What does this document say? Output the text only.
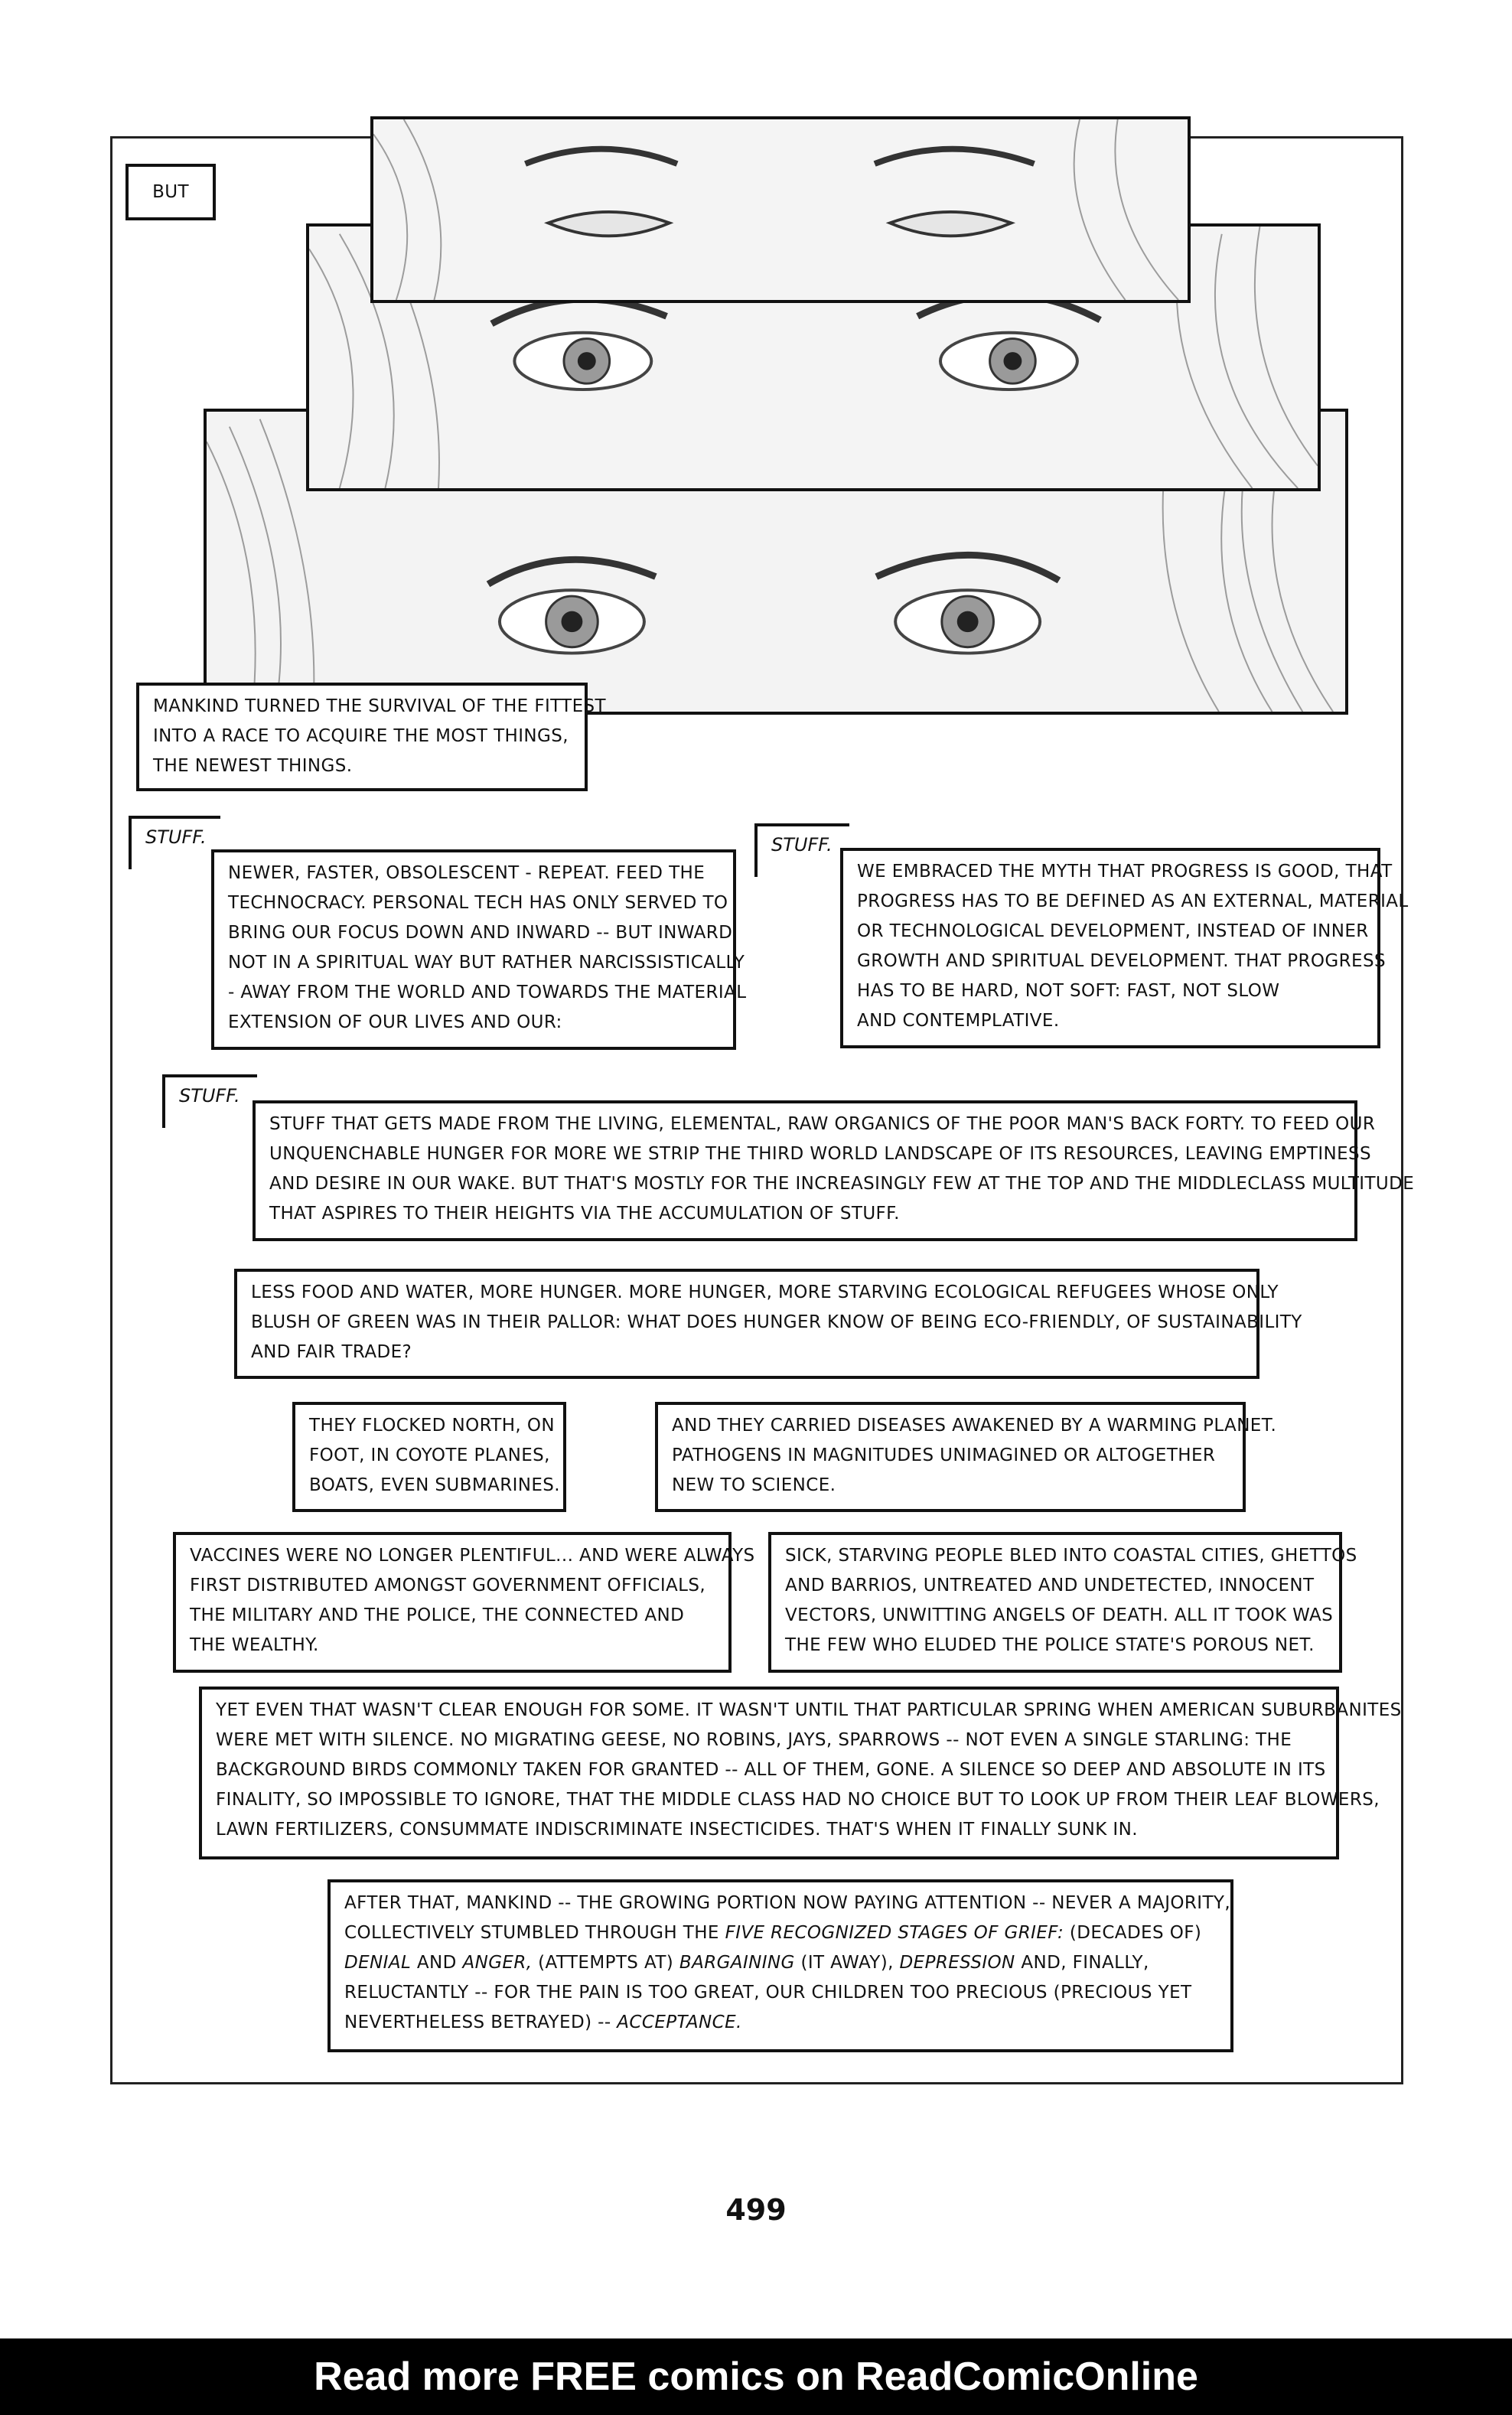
BUT

MANKIND TURNED THE SURVIVAL OF THE FITTEST

INTO A RACE TO ACQUIRE THE MOST THINGS,

THE NEWEST THINGS.

STUFF.

NEWER, FASTER, OBSOLESCENT - REPEAT. FEED THE

TECHNOCRACY. PERSONAL TECH HAS ONLY SERVED TO

BRING OUR FOCUS DOWN AND INWARD -- BUT INWARD

NOT IN A SPIRITUAL WAY BUT RATHER NARCISSISTICALLY

- AWAY FROM THE WORLD AND TOWARDS THE MATERIAL

EXTENSION OF OUR LIVES AND OUR:

STUFF.

WE EMBRACED THE MYTH THAT PROGRESS IS GOOD, THAT

PROGRESS HAS TO BE DEFINED AS AN EXTERNAL, MATERIAL

OR TECHNOLOGICAL DEVELOPMENT, INSTEAD OF INNER

GROWTH AND SPIRITUAL DEVELOPMENT. THAT PROGRESS

HAS TO BE HARD, NOT SOFT: FAST, NOT SLOW

AND CONTEMPLATIVE.

STUFF.

STUFF THAT GETS MADE FROM THE LIVING, ELEMENTAL, RAW ORGANICS OF THE POOR MAN'S BACK FORTY. TO FEED OUR

UNQUENCHABLE HUNGER FOR MORE WE STRIP THE THIRD WORLD LANDSCAPE OF ITS RESOURCES, LEAVING EMPTINESS

AND DESIRE IN OUR WAKE. BUT THAT'S MOSTLY FOR THE INCREASINGLY FEW AT THE TOP AND THE MIDDLECLASS MULTITUDE

THAT ASPIRES TO THEIR HEIGHTS VIA THE ACCUMULATION OF STUFF.

LESS FOOD AND WATER, MORE HUNGER. MORE HUNGER, MORE STARVING ECOLOGICAL REFUGEES WHOSE ONLY

BLUSH OF GREEN WAS IN THEIR PALLOR: WHAT DOES HUNGER KNOW OF BEING ECO-FRIENDLY, OF SUSTAINABILITY

AND FAIR TRADE?

THEY FLOCKED NORTH, ON

FOOT, IN COYOTE PLANES,

BOATS, EVEN SUBMARINES.

AND THEY CARRIED DISEASES AWAKENED BY A WARMING PLANET.

PATHOGENS IN MAGNITUDES UNIMAGINED OR ALTOGETHER

NEW TO SCIENCE.

VACCINES WERE NO LONGER PLENTIFUL... AND WERE ALWAYS

FIRST DISTRIBUTED AMONGST GOVERNMENT OFFICIALS,

THE MILITARY AND THE POLICE, THE CONNECTED AND

THE WEALTHY.

SICK, STARVING PEOPLE BLED INTO COASTAL CITIES, GHETTOS

AND BARRIOS, UNTREATED AND UNDETECTED, INNOCENT

VECTORS, UNWITTING ANGELS OF DEATH. ALL IT TOOK WAS

THE FEW WHO ELUDED THE POLICE STATE'S POROUS NET.

YET EVEN THAT WASN'T CLEAR ENOUGH FOR SOME. IT WASN'T UNTIL THAT PARTICULAR SPRING WHEN AMERICAN SUBURBANITES

WERE MET WITH SILENCE. NO MIGRATING GEESE, NO ROBINS, JAYS, SPARROWS -- NOT EVEN A SINGLE STARLING: THE

BACKGROUND BIRDS COMMONLY TAKEN FOR GRANTED -- ALL OF THEM, GONE. A SILENCE SO DEEP AND ABSOLUTE IN ITS

FINALITY, SO IMPOSSIBLE TO IGNORE, THAT THE MIDDLE CLASS HAD NO CHOICE BUT TO LOOK UP FROM THEIR LEAF BLOWERS,

LAWN FERTILIZERS, CONSUMMATE INDISCRIMINATE INSECTICIDES. THAT'S WHEN IT FINALLY SUNK IN.

AFTER THAT, MANKIND -- THE GROWING PORTION NOW PAYING ATTENTION -- NEVER A MAJORITY,

COLLECTIVELY STUMBLED THROUGH THE FIVE RECOGNIZED STAGES OF GRIEF: (DECADES OF)

DENIAL AND ANGER, (ATTEMPTS AT) BARGAINING (IT AWAY), DEPRESSION AND, FINALLY,

RELUCTANTLY -- FOR THE PAIN IS TOO GREAT, OUR CHILDREN TOO PRECIOUS (PRECIOUS YET

NEVERTHELESS BETRAYED) -- ACCEPTANCE.

499
Read more FREE comics on ReadComicOnline
